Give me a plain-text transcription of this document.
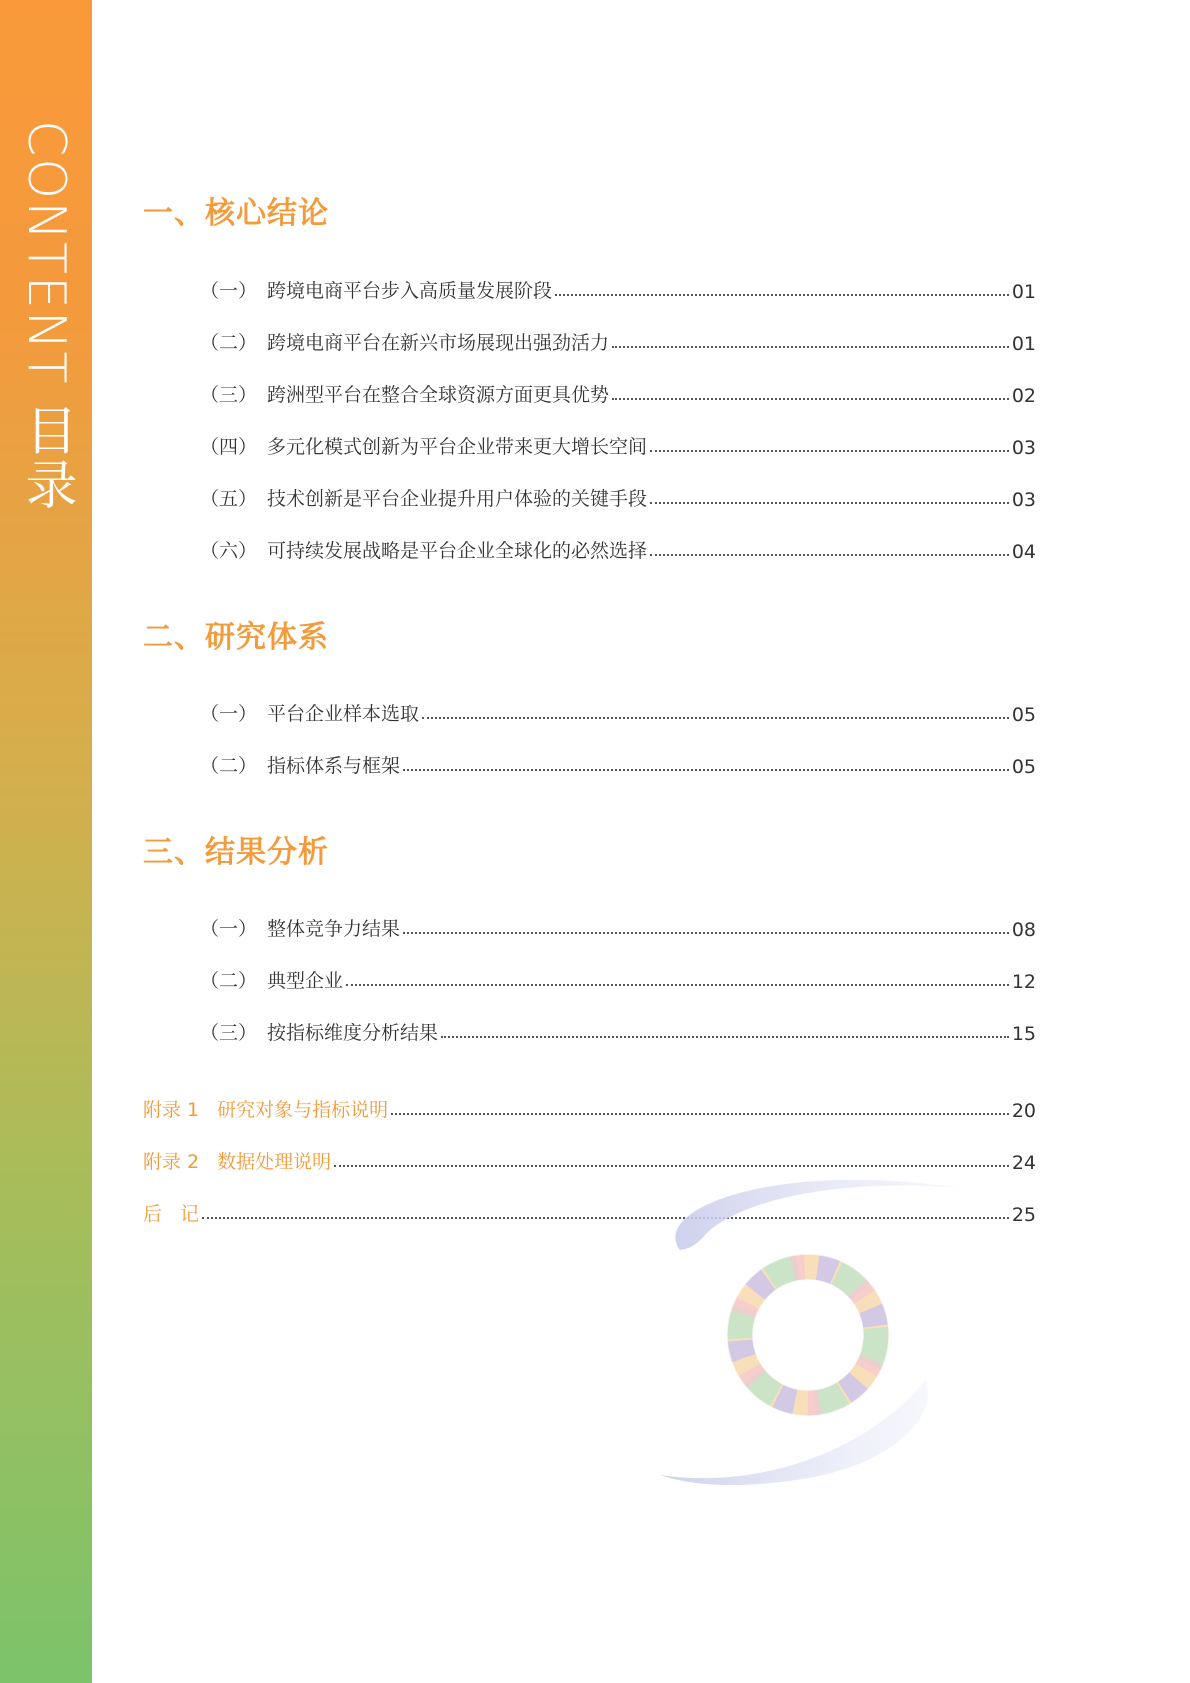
CONTENT 目录 一、核心结论
（一） 跨境电商平台步入高质量发展阶段	01
（二） 跨境电商平台在新兴市场展现出强劲活力	01
（三） 跨洲型平台在整合全球资源方面更具优势	02
（四） 多元化模式创新为平台企业带来更大增长空间	03
（五） 技术创新是平台企业提升用户体验的关键手段	03
（六） 可持续发展战略是平台企业全球化的必然选择	04
二、研究体系
（一） 平台企业样本选取	05
（二） 指标体系与框架	05
三、结果分析
（一） 整体竞争力结果	08
（二） 典型企业	12
（三） 按指标维度分析结果	15
附录 1 研究对象与指标说明	20
附录 2 数据处理说明	24
后 记	25
